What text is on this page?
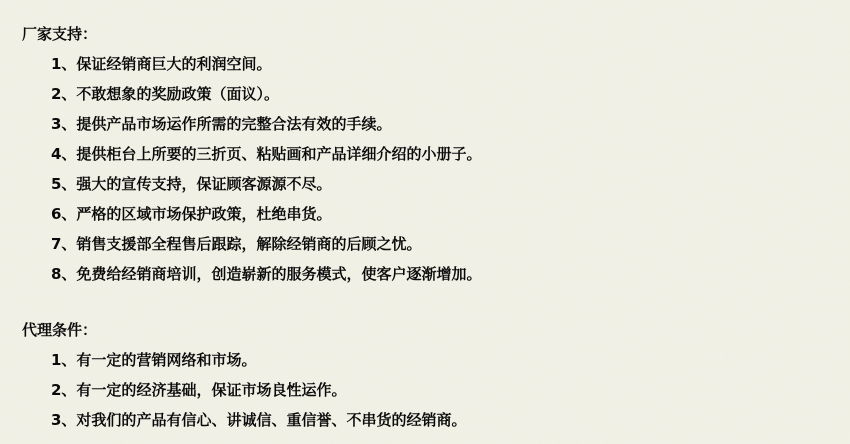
厂家支持：
1、保证经销商巨大的利润空间。
2、不敢想象的奖励政策（面议）。
3、提供产品市场运作所需的完整合法有效的手续。
4、提供柜台上所要的三折页、粘贴画和产品详细介绍的小册子。
5、强大的宣传支持，保证顾客源源不尽。
6、严格的区域市场保护政策，杜绝串货。
7、销售支援部全程售后跟踪，解除经销商的后顾之忧。
8、免费给经销商培训，创造崭新的服务模式，使客户逐渐增加。
代理条件：
1、有一定的营销网络和市场。
2、有一定的经济基础，保证市场良性运作。
3、对我们的产品有信心、讲诚信、重信誉、不串货的经销商。
